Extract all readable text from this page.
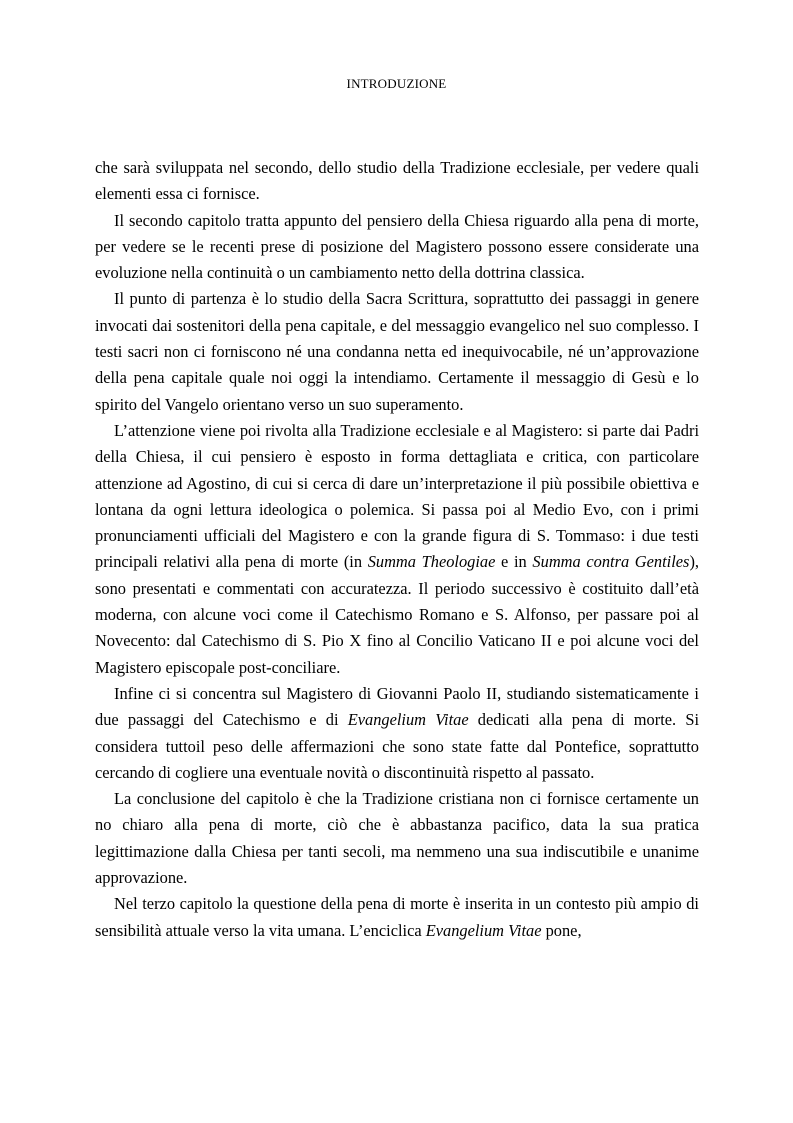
INTRODUZIONE

che sarà sviluppata nel secondo, dello studio della Tradizione ecclesiale, per vedere quali elementi essa ci fornisce.

Il secondo capitolo tratta appunto del pensiero della Chiesa riguardo alla pena di morte, per vedere se le recenti prese di posizione del Magistero possono essere considerate una evoluzione nella continuità o un cambiamento netto della dottrina classica.

Il punto di partenza è lo studio della Sacra Scrittura, soprattutto dei passaggi in genere invocati dai sostenitori della pena capitale, e del messaggio evangelico nel suo complesso. I testi sacri non ci forniscono né una condanna netta ed inequivocabile, né un’approvazione della pena capitale quale noi oggi la intendiamo. Certamente il messaggio di Gesù e lo spirito del Vangelo orientano verso un suo superamento.

L’attenzione viene poi rivolta alla Tradizione ecclesiale e al Magistero: si parte dai Padri della Chiesa, il cui pensiero è esposto in forma dettagliata e critica, con particolare attenzione ad Agostino, di cui si cerca di dare un’interpretazione il più possibile obiettiva e lontana da ogni lettura ideologica o polemica. Si passa poi al Medio Evo, con i primi pronunciamenti ufficiali del Magistero e con la grande figura di S. Tommaso: i due testi principali relativi alla pena di morte (in Summa Theologiae e in Summa contra Gentiles), sono presentati e commentati con accuratezza. Il periodo successivo è costituito dall’età moderna, con alcune voci come il Catechismo Romano e S. Alfonso, per passare poi al Novecento: dal Catechismo di S. Pio X fino al Concilio Vaticano II e poi alcune voci del Magistero episcopale post-conciliare.

Infine ci si concentra sul Magistero di Giovanni Paolo II, studiando sistematicamente i due passaggi del Catechismo e di Evangelium Vitae dedicati alla pena di morte. Si considera tuttoil peso delle affermazioni che sono state fatte dal Pontefice, soprattutto cercando di cogliere una eventuale novità o discontinuità rispetto al passato.

La conclusione del capitolo è che la Tradizione cristiana non ci fornisce certamente un no chiaro alla pena di morte, ciò che è abbastanza pacifico, data la sua pratica legittimazione dalla Chiesa per tanti secoli, ma nemmeno una sua indiscutibile e unanime approvazione.

Nel terzo capitolo la questione della pena di morte è inserita in un contesto più ampio di sensibilità attuale verso la vita umana. L’enciclica Evangelium Vitae pone,
